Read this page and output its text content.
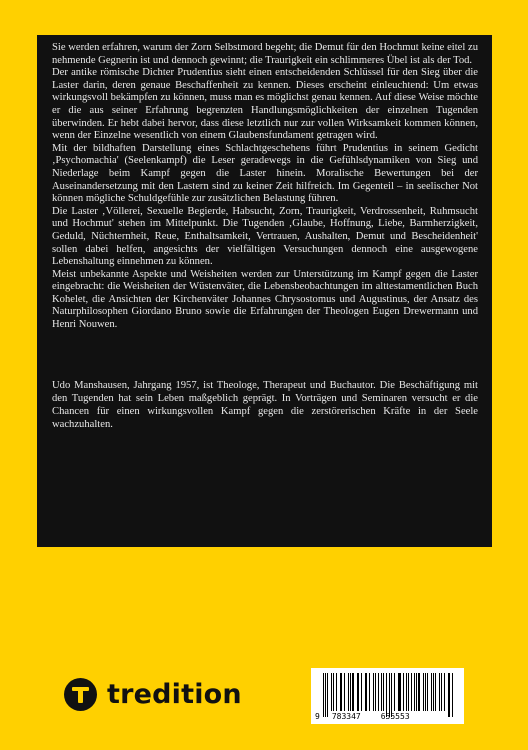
Sie werden erfahren, warum der Zorn Selbstmord begeht; die Demut für den Hochmut keine eitel zu nehmende Gegnerin ist und dennoch gewinnt; die Traurigkeit ein schlimmeres Übel ist als der Tod.

Der antike römische Dichter Prudentius sieht einen entscheidenden Schlüssel für den Sieg über die Laster darin, deren genaue Beschaffenheit zu kennen. Dieses erscheint einleuchtend: Um etwas wirkungsvoll bekämpfen zu können, muss man es möglichst genau kennen. Auf diese Weise möchte er die aus seiner Erfahrung begrenzten Handlungsmöglichkeiten der einzelnen Tugenden überwinden. Er hebt dabei hervor, dass diese letztlich nur zur vollen Wirksamkeit kommen können, wenn der Einzelne wesentlich von einem Glaubensfundament getragen wird.

Mit der bildhaften Darstellung eines Schlachtgeschehens führt Prudentius in seinem Gedicht ‚Psychomachia' (Seelenkampf) die Leser geradewegs in die Gefühlsdynamiken von Sieg und Niederlage beim Kampf gegen die Laster hinein. Moralische Bewertungen bei der Auseinandersetzung mit den Lastern sind zu keiner Zeit hilfreich. Im Gegenteil – in seelischer Not können mögliche Schuldgefühle zur zusätzlichen Belastung führen.

Die Laster ‚Völlerei, Sexuelle Begierde, Habsucht, Zorn, Traurigkeit, Verdrossenheit, Ruhmsucht und Hochmut' stehen im Mittelpunkt. Die Tugenden ‚Glaube, Hoffnung, Liebe, Barmherzigkeit, Geduld, Nüchternheit, Reue, Enthaltsamkeit, Vertrauen, Aushalten, Demut und Bescheidenheit' sollen dabei helfen, angesichts der vielfältigen Versuchungen dennoch eine ausgewogene Lebenshaltung einnehmen zu können.

Meist unbekannte Aspekte und Weisheiten werden zur Unterstützung im Kampf gegen die Laster eingebracht: die Weisheiten der Wüstenväter, die Lebensbeobachtungen im alttestamentlichen Buch Kohelet, die Ansichten der Kirchenväter Johannes Chrysostomus und Augustinus, der Ansatz des Naturphilosophen Giordano Bruno sowie die Erfahrungen der Theologen Eugen Drewermann und Henri Nouwen.

Udo Manshausen, Jahrgang 1957, ist Theologe, Therapeut und Buchautor. Die Beschäftigung mit den Tugenden hat sein Leben maßgeblich geprägt. In Vorträgen und Seminaren versucht er die Chancen für einen wirkungsvollen Kampf gegen die zerstörerischen Kräfte in der Seele wachzuhalten.

tredition
9 783347	655553
